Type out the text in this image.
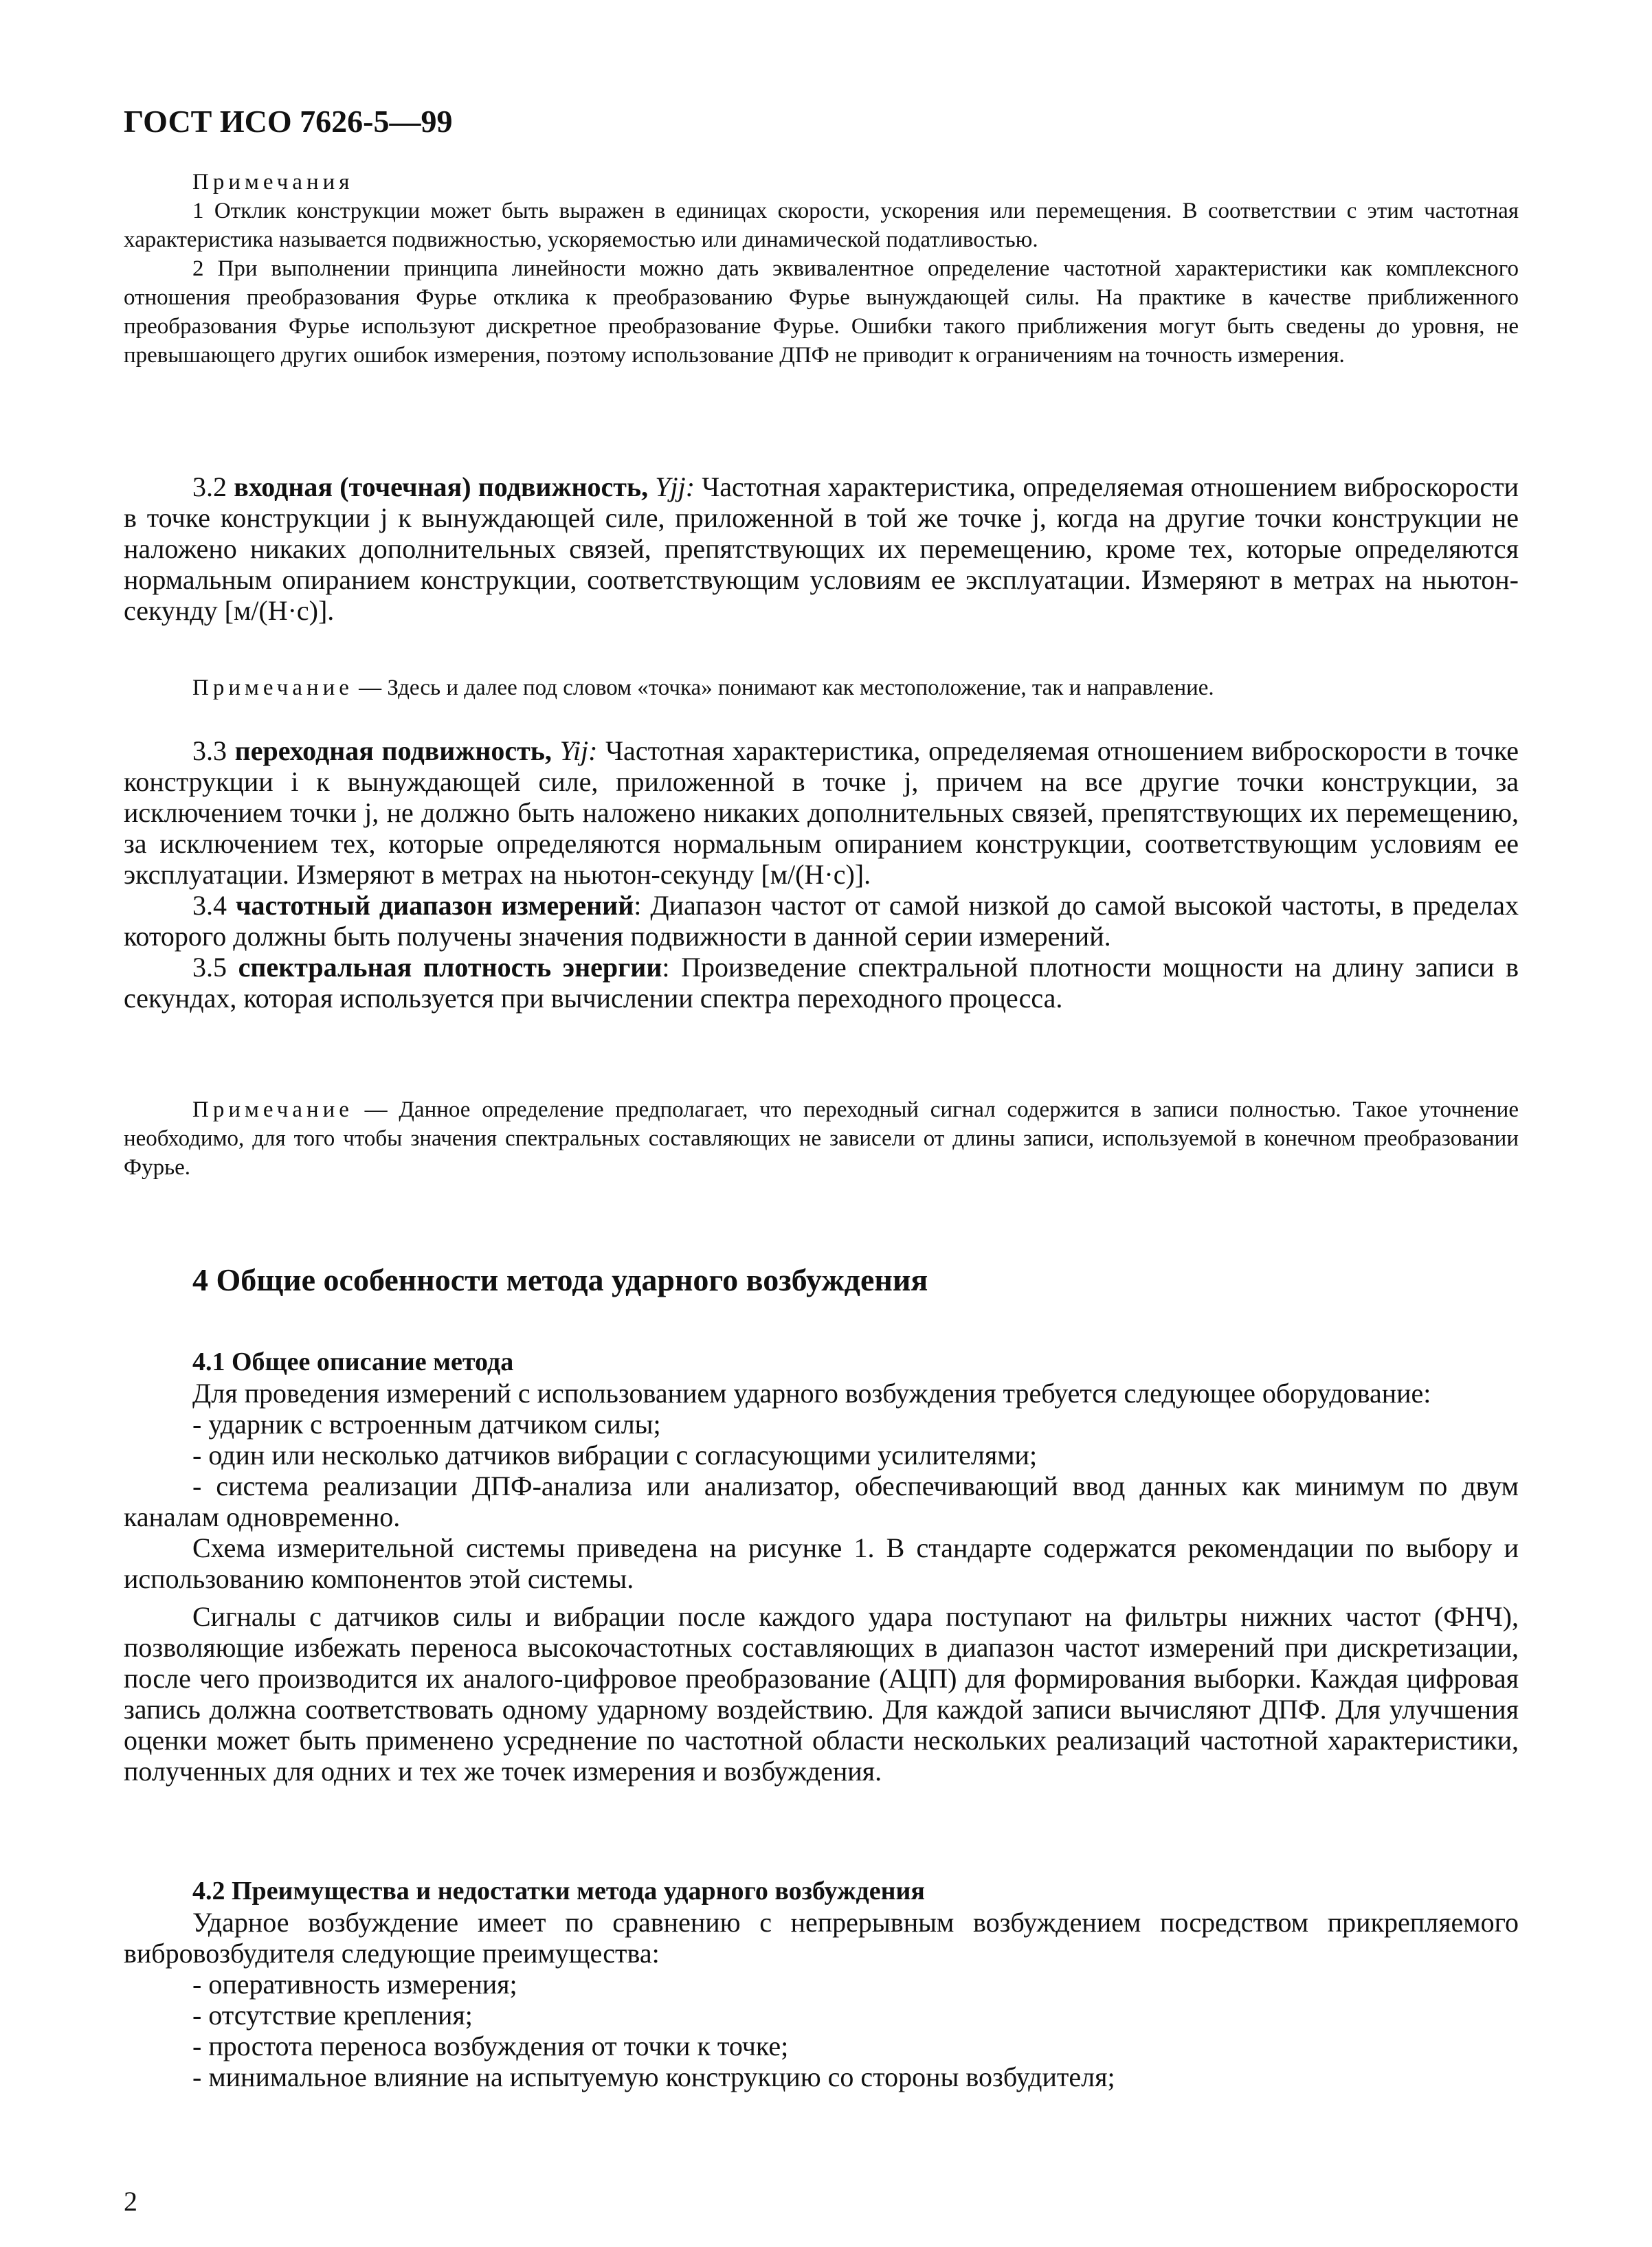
ГОСТ ИСО 7626-5—99
Примечания
1 Отклик конструкции может быть выражен в единицах скорости, ускорения или перемещения. В соответствии с этим частотная характеристика называется подвижностью, ускоряемостью или динамической податливостью.
2 При выполнении принципа линейности можно дать эквивалентное определение частотной характеристики как комплексного отношения преобразования Фурье отклика к преобразованию Фурье вынуждающей силы. На практике в качестве приближенного преобразования Фурье используют дискретное преобразование Фурье. Ошибки такого приближения могут быть сведены до уровня, не превышающего других ошибок измерения, поэтому использование ДПФ не приводит к ограничениям на точность измерения.
3.2 входная (точечная) подвижность, Yjj: Частотная характеристика, определяемая отношением виброскорости в точке конструкции j к вынуждающей силе, приложенной в той же точке j, когда на другие точки конструкции не наложено никаких дополнительных связей, препятствующих их перемещению, кроме тех, которые определяются нормальным опиранием конструкции, соответствующим условиям ее эксплуатации. Измеряют в метрах на ньютон-секунду [м/(Н·с)].
Примечание — Здесь и далее под словом «точка» понимают как местоположение, так и направление.
3.3 переходная подвижность, Yij: Частотная характеристика, определяемая отношением виброскорости в точке конструкции i к вынуждающей силе, приложенной в точке j, причем на все другие точки конструкции, за исключением точки j, не должно быть наложено никаких дополнительных связей, препятствующих их перемещению, за исключением тех, которые определяются нормальным опиранием конструкции, соответствующим условиям ее эксплуатации. Измеряют в метрах на ньютон-секунду [м/(Н·с)].
3.4 частотный диапазон измерений: Диапазон частот от самой низкой до самой высокой частоты, в пределах которого должны быть получены значения подвижности в данной серии измерений.
3.5 спектральная плотность энергии: Произведение спектральной плотности мощности на длину записи в секундах, которая используется при вычислении спектра переходного процесса.
Примечание — Данное определение предполагает, что переходный сигнал содержится в записи полностью. Такое уточнение необходимо, для того чтобы значения спектральных составляющих не зависели от длины записи, используемой в конечном преобразовании Фурье.
4 Общие особенности метода ударного возбуждения
4.1 Общее описание метода
Для проведения измерений с использованием ударного возбуждения требуется следующее оборудование:
- ударник с встроенным датчиком силы;
- один или несколько датчиков вибрации с согласующими усилителями;
- система реализации ДПФ-анализа или анализатор, обеспечивающий ввод данных как минимум по двум каналам одновременно.
Схема измерительной системы приведена на рисунке 1. В стандарте содержатся рекомендации по выбору и использованию компонентов этой системы.
Сигналы с датчиков силы и вибрации после каждого удара поступают на фильтры нижних частот (ФНЧ), позволяющие избежать переноса высокочастотных составляющих в диапазон частот измерений при дискретизации, после чего производится их аналого-цифровое преобразование (АЦП) для формирования выборки. Каждая цифровая запись должна соответствовать одному ударному воздействию. Для каждой записи вычисляют ДПФ. Для улучшения оценки может быть применено усреднение по частотной области нескольких реализаций частотной характеристики, полученных для одних и тех же точек измерения и возбуждения.
4.2 Преимущества и недостатки метода ударного возбуждения
Ударное возбуждение имеет по сравнению с непрерывным возбуждением посредством прикрепляемого вибровозбудителя следующие преимущества:
- оперативность измерения;
- отсутствие крепления;
- простота переноса возбуждения от точки к точке;
- минимальное влияние на испытуемую конструкцию со стороны возбудителя;
2
